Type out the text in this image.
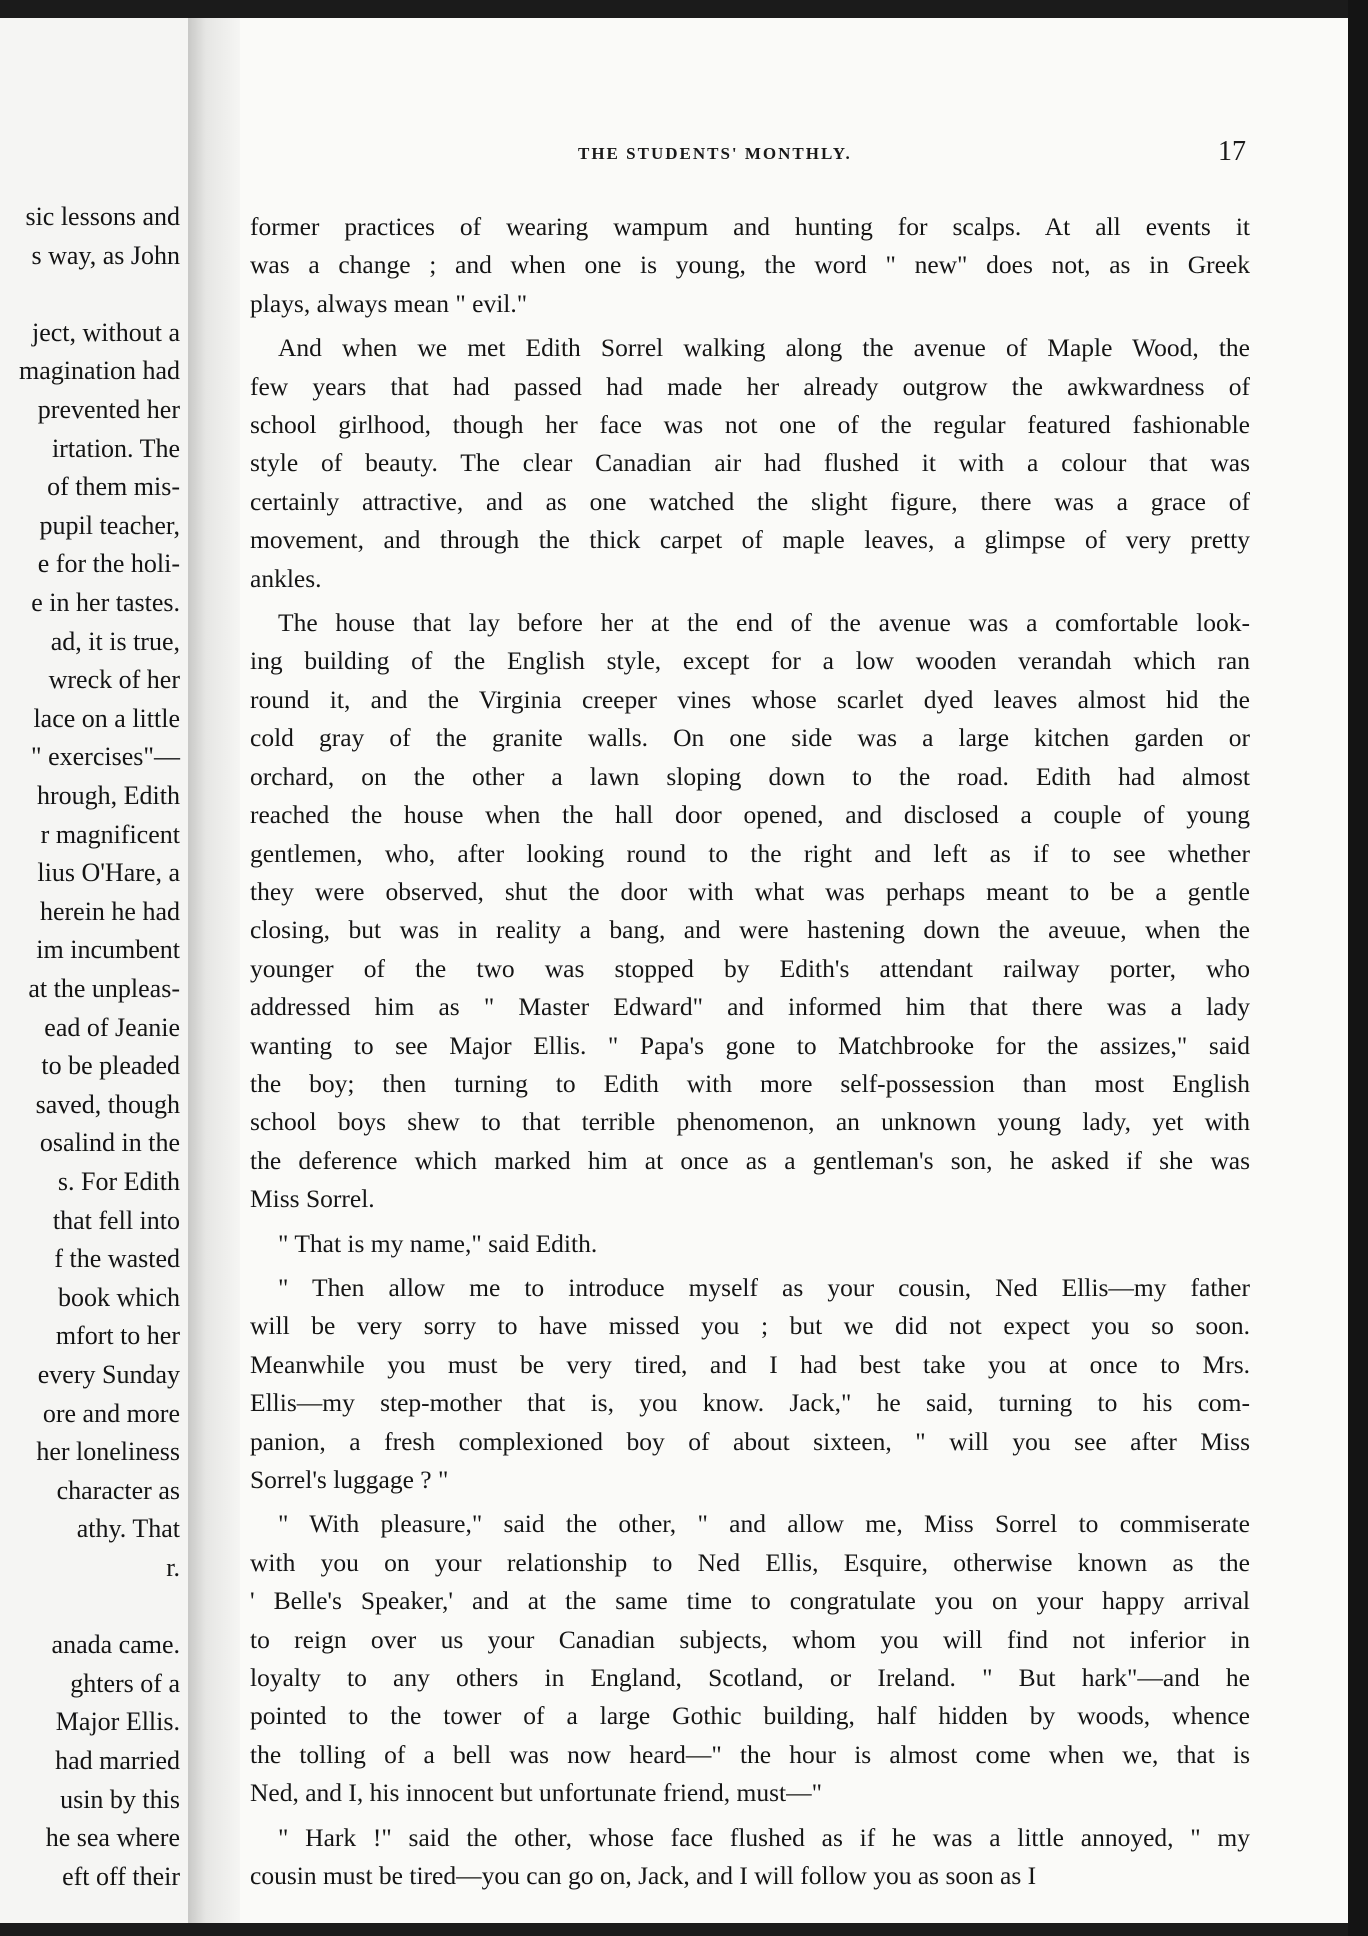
sic lessons and
s way, as John
ject, without a
magination had
prevented her
irtation. The
of them mis-
pupil teacher,
e for the holi-
e in her tastes.
ad, it is true,
wreck of her
lace on a little
" exercises"—
hrough, Edith
r magnificent
lius O'Hare, a
herein he had
im incumbent
at the unpleas-
ead of Jeanie
to be pleaded
saved, though
osalind in the
s. For Edith
that fell into
f the wasted
book which
mfort to her
every Sunday
ore and more
her loneliness
character as
athy. That
r.
anada came.
ghters of a
Major Ellis.
had married
usin by this
he sea where
eft off their
THE STUDENTS' MONTHLY.	17
former practices of wearing wampum and hunting for scalps. At all events it
was a change ; and when one is young, the word " new" does not, as in Greek
plays, always mean " evil."
And when we met Edith Sorrel walking along the avenue of Maple Wood, the
few years that had passed had made her already outgrow the awkwardness of
school girlhood, though her face was not one of the regular featured fashionable
style of beauty. The clear Canadian air had flushed it with a colour that was
certainly attractive, and as one watched the slight figure, there was a grace of
movement, and through the thick carpet of maple leaves, a glimpse of very pretty
ankles.
The house that lay before her at the end of the avenue was a comfortable look-
ing building of the English style, except for a low wooden verandah which ran
round it, and the Virginia creeper vines whose scarlet dyed leaves almost hid the
cold gray of the granite walls. On one side was a large kitchen garden or
orchard, on the other a lawn sloping down to the road. Edith had almost
reached the house when the hall door opened, and disclosed a couple of young
gentlemen, who, after looking round to the right and left as if to see whether
they were observed, shut the door with what was perhaps meant to be a gentle
closing, but was in reality a bang, and were hastening down the aveuue, when the
younger of the two was stopped by Edith's attendant railway porter, who
addressed him as " Master Edward" and informed him that there was a lady
wanting to see Major Ellis. " Papa's gone to Matchbrooke for the assizes," said
the boy; then turning to Edith with more self-possession than most English
school boys shew to that terrible phenomenon, an unknown young lady, yet with
the deference which marked him at once as a gentleman's son, he asked if she was
Miss Sorrel.
" That is my name," said Edith.
" Then allow me to introduce myself as your cousin, Ned Ellis—my father
will be very sorry to have missed you ; but we did not expect you so soon.
Meanwhile you must be very tired, and I had best take you at once to Mrs.
Ellis—my step-mother that is, you know. Jack," he said, turning to his com-
panion, a fresh complexioned boy of about sixteen, " will you see after Miss
Sorrel's luggage ? "
" With pleasure," said the other, " and allow me, Miss Sorrel to commiserate
with you on your relationship to Ned Ellis, Esquire, otherwise known as the
' Belle's Speaker,' and at the same time to congratulate you on your happy arrival
to reign over us your Canadian subjects, whom you will find not inferior in
loyalty to any others in England, Scotland, or Ireland. " But hark"—and he
pointed to the tower of a large Gothic building, half hidden by woods, whence
the tolling of a bell was now heard—" the hour is almost come when we, that is
Ned, and I, his innocent but unfortunate friend, must—"
" Hark !" said the other, whose face flushed as if he was a little annoyed, " my
cousin must be tired—you can go on, Jack, and I will follow you as soon as I
